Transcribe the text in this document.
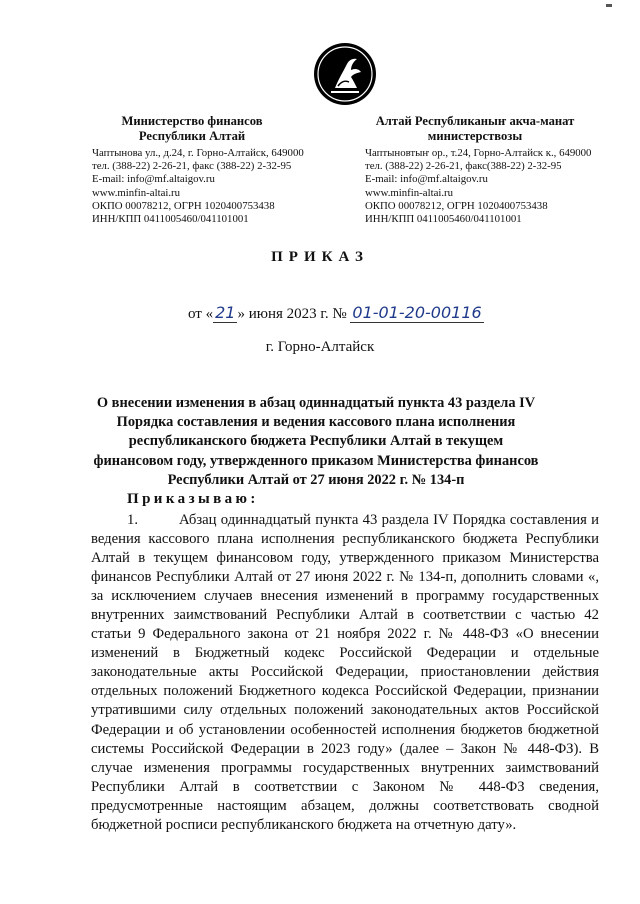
Министерство финансов Республики Алтай
Чаптынова ул., д.24, г. Горно-Алтайск, 649000
тел. (388-22) 2-26-21, факс (388-22) 2-32-95
E-mail: info@mf.altaigov.ru
www.minfin-altai.ru
ОКПО 00078212, ОГРН 1020400753438
ИНН/КПП 0411005460/041101001
Алтай Республиканыҥ акча-манат министерствозы
Чаптыновтыҥ ор., т.24, Горно-Алтайск к., 649000
тел. (388-22) 2-26-21, факс(388-22) 2-32-95
E-mail: info@mf.altaigov.ru
www.minfin-altai.ru
ОКПО 00078212, ОГРН 1020400753438
ИНН/КПП 0411005460/041101001
ПРИКАЗ
от « 21 » июня 2023 г. № 01-01-20-00116
г. Горно-Алтайск
О внесении изменения в абзац одиннадцатый пункта 43 раздела IV Порядка составления и ведения кассового плана исполнения республиканского бюджета Республики Алтай в текущем финансовом году, утвержденного приказом Министерства финансов Республики Алтай от 27 июня 2022 г. № 134-п
Приказываю:
1.	Абзац одиннадцатый пункта 43 раздела IV Порядка составления и ведения кассового плана исполнения республиканского бюджета Республики Алтай в текущем финансовом году, утвержденного приказом Министерства финансов Республики Алтай от 27 июня 2022 г. № 134-п, дополнить словами «, за исключением случаев внесения изменений в программу государственных внутренних заимствований Республики Алтай в соответствии с частью 42 статьи 9 Федерального закона от 21 ноября 2022 г. № 448-ФЗ «О внесении изменений в Бюджетный кодекс Российской Федерации и отдельные законодательные акты Российской Федерации, приостановлении действия отдельных положений Бюджетного кодекса Российской Федерации, признании утратившими силу отдельных положений законодательных актов Российской Федерации и об установлении особенностей исполнения бюджетов бюджетной системы Российской Федерации в 2023 году» (далее – Закон № 448-ФЗ). В случае изменения программы государственных внутренних заимствований Республики Алтай в соответствии с Законом № 448-ФЗ сведения, предусмотренные настоящим абзацем, должны соответствовать сводной бюджетной росписи республиканского бюджета на отчетную дату».
